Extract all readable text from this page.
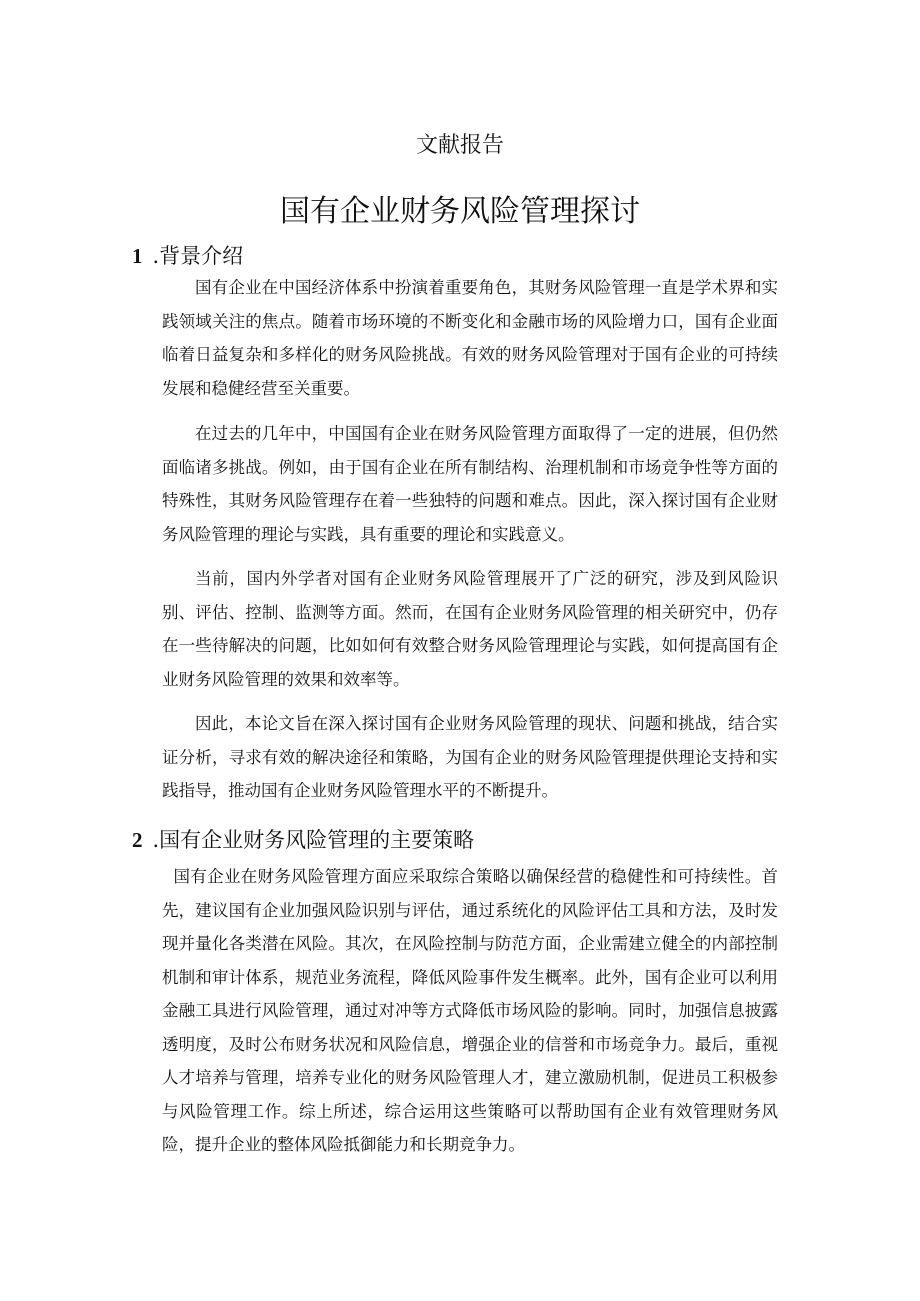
文献报告
国有企业财务风险管理探讨
1 .背景介绍

国有企业在中国经济体系中扮演着重要角色，其财务风险管理一直是学术界和实践领域关注的焦点。随着市场环境的不断变化和金融市场的风险增力口，国有企业面临着日益复杂和多样化的财务风险挑战。有效的财务风险管理对于国有企业的可持续发展和稳健经营至关重要。

在过去的几年中，中国国有企业在财务风险管理方面取得了一定的进展，但仍然面临诸多挑战。例如，由于国有企业在所有制结构、治理机制和市场竞争性等方面的特殊性，其财务风险管理存在着一些独特的问题和难点。因此，深入探讨国有企业财务风险管理的理论与实践，具有重要的理论和实践意义。

当前，国内外学者对国有企业财务风险管理展开了广泛的研究，涉及到风险识别、评估、控制、监测等方面。然而，在国有企业财务风险管理的相关研究中，仍存在一些待解决的问题，比如如何有效整合财务风险管理理论与实践，如何提高国有企业财务风险管理的效果和效率等。

因此，本论文旨在深入探讨国有企业财务风险管理的现状、问题和挑战，结合实证分析，寻求有效的解决途径和策略，为国有企业的财务风险管理提供理论支持和实践指导，推动国有企业财务风险管理水平的不断提升。

2 .国有企业财务风险管理的主要策略

国有企业在财务风险管理方面应采取综合策略以确保经营的稳健性和可持续性。首先，建议国有企业加强风险识别与评估，通过系统化的风险评估工具和方法，及时发现并量化各类潜在风险。其次，在风险控制与防范方面，企业需建立健全的内部控制机制和审计体系，规范业务流程，降低风险事件发生概率。此外，国有企业可以利用金融工具进行风险管理，通过对冲等方式降低市场风险的影响。同时，加强信息披露透明度，及时公布财务状况和风险信息，增强企业的信誉和市场竞争力。最后，重视人才培养与管理，培养专业化的财务风险管理人才，建立激励机制，促进员工积极参与风险管理工作。综上所述，综合运用这些策略可以帮助国有企业有效管理财务风险，提升企业的整体风险抵御能力和长期竞争力。
